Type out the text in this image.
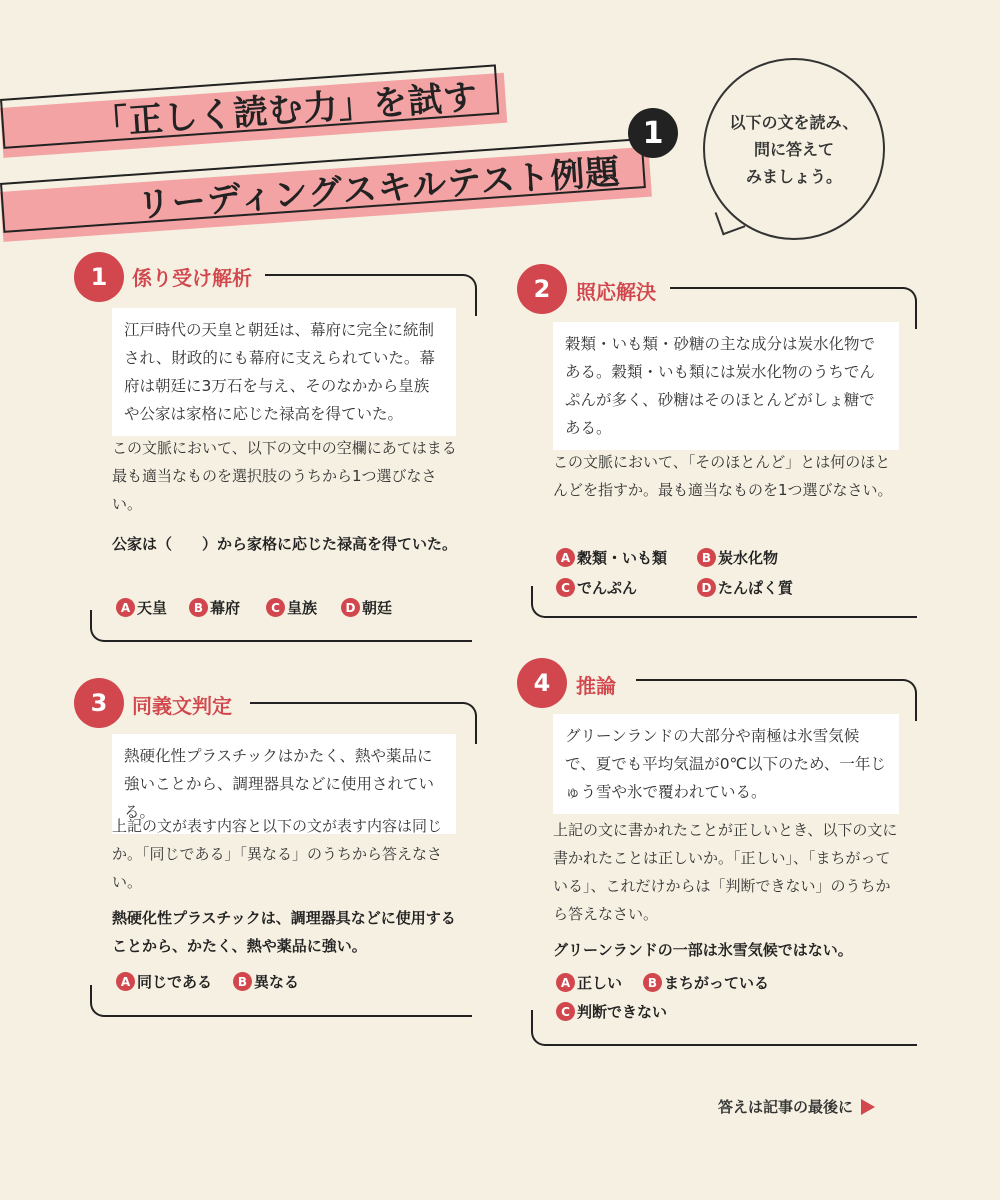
「正しく読む力」を試す
リーディングスキルテスト例題
1	以下の文を読み、
問に答えて
みましょう。
1	係り受け解析
江戸時代の天皇と朝廷は、幕府に完全に統制され、財政的にも幕府に支えられていた。幕府は朝廷に3万石を与え、そのなかから皇族や公家は家格に応じた禄高を得ていた。
この文脈において、以下の文中の空欄にあてはまる最も適当なものを選択肢のうちから1つ選びなさい。
公家は（　　）から家格に応じた禄高を得ていた。
A 天皇	B 幕府	C 皇族	D 朝廷
2	照応解決
穀類・いも類・砂糖の主な成分は炭水化物である。穀類・いも類には炭水化物のうちでんぷんが多く、砂糖はそのほとんどがしょ糖である。
この文脈において、「そのほとんど」とは何のほとんどを指すか。最も適当なものを1つ選びなさい。
A 穀類・いも類	B 炭水化物
C でんぷん	D たんぱく質
3	同義文判定
熱硬化性プラスチックはかたく、熱や薬品に強いことから、調理器具などに使用されている。
上記の文が表す内容と以下の文が表す内容は同じか。「同じである」「異なる」のうちから答えなさい。
熱硬化性プラスチックは、調理器具などに使用することから、かたく、熱や薬品に強い。
A 同じである	B 異なる
4	推論
グリーンランドの大部分や南極は氷雪気候で、夏でも平均気温が0℃以下のため、一年じゅう雪や氷で覆われている。
上記の文に書かれたことが正しいとき、以下の文に書かれたことは正しいか。「正しい」、「まちがっている」、これだけからは「判断できない」のうちから答えなさい。
グリーンランドの一部は氷雪気候ではない。
A 正しい	B まちがっている
C 判断できない
答えは記事の最後に
